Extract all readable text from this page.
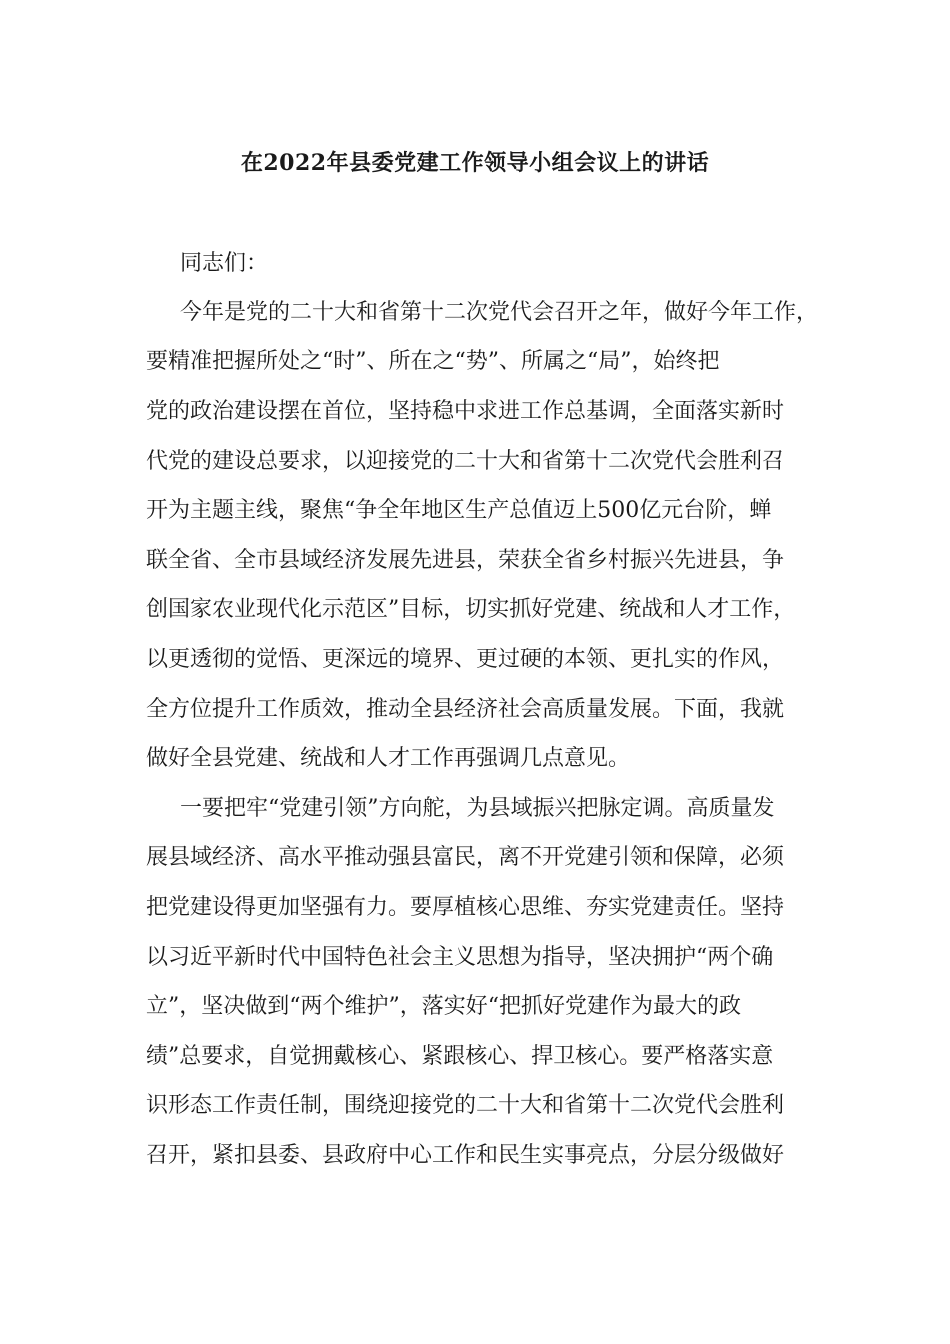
在2022年县委党建工作领导小组会议上的讲话
同志们：
今年是党的二十大和省第十二次党代会召开之年，做好今年工作，
要精准把握所处之“时”、所在之“势”、所属之“局”，始终把
党的政治建设摆在首位，坚持稳中求进工作总基调，全面落实新时
代党的建设总要求，以迎接党的二十大和省第十二次党代会胜利召
开为主题主线，聚焦“争全年地区生产总值迈上500亿元台阶，蝉
联全省、全市县域经济发展先进县，荣获全省乡村振兴先进县，争
创国家农业现代化示范区”目标，切实抓好党建、统战和人才工作，
以更透彻的觉悟、更深远的境界、更过硬的本领、更扎实的作风，
全方位提升工作质效，推动全县经济社会高质量发展。下面，我就
做好全县党建、统战和人才工作再强调几点意见。
一要把牢“党建引领”方向舵，为县域振兴把脉定调。高质量发
展县域经济、高水平推动强县富民，离不开党建引领和保障，必须
把党建设得更加坚强有力。要厚植核心思维、夯实党建责任。坚持
以习近平新时代中国特色社会主义思想为指导，坚决拥护“两个确
立”，坚决做到“两个维护”，落实好“把抓好党建作为最大的政
绩”总要求，自觉拥戴核心、紧跟核心、捍卫核心。要严格落实意
识形态工作责任制，围绕迎接党的二十大和省第十二次党代会胜利
召开，紧扣县委、县政府中心工作和民生实事亮点，分层分级做好
